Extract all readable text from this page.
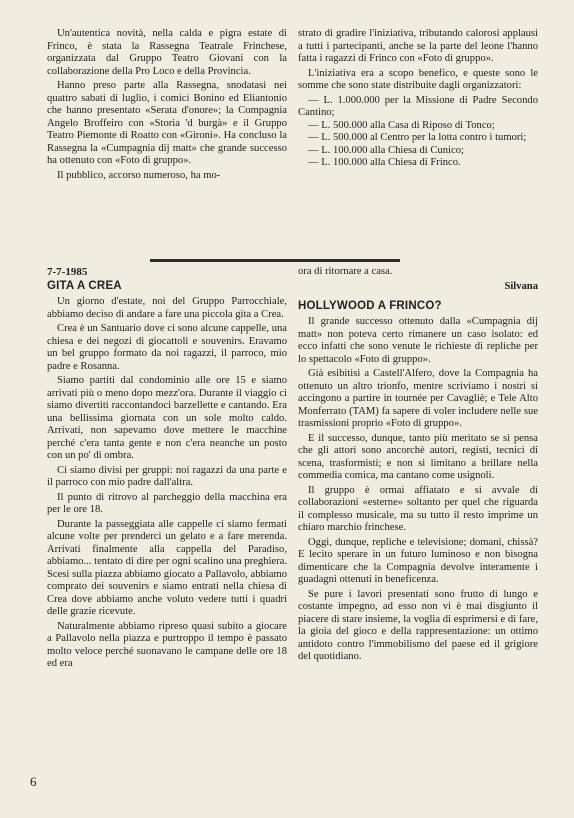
Un'autentica novità, nella calda e pigra estate di Frinco, è stata la Rassegna Teatrale Frinchese, organizzata dal Gruppo Teatro Giovani con la collaborazione della Pro Loco e della Provincia.

Hanno preso parte alla Rassegna, snodatasi nei quattro sabati di luglio, i comici Bonino ed Eliantonio che hanno presentato «Serata d'onore»; la Compagnia Angelo Broffeiro con «Storia 'd burgà» e il Gruppo Teatro Piemonte di Roatto con «Gironi». Ha concluso la Rassegna la «Cumpagnia dij matt» che grande successo ha ottenuto con «Foto di gruppo».

Il pubblico, accorso numeroso, ha mo-

strato di gradire l'iniziativa, tributando calorosi applausi a tutti i partecipanti, anche se la parte del leone l'hanno fatta i ragazzi di Frinco con «Foto di gruppo».

L'iniziativa era a scopo benefico, e queste sono le somme che sono state distribuite dagli organizzatori:

— L. 1.000.000 per la Missione di Padre Secondo Cantino;
— L. 500.000 alla Casa di Riposo di Tonco;
— L. 500.000 al Centro per la lotta contro i tumori;
— L. 100.000 alla Chiesa di Cunico;
— L. 100.000 alla Chiesa di Frinco.
7-7-1985
GITA A CREA

Un giorno d'estate, noi del Gruppo Parrocchiale, abbiamo deciso di andare a fare una piccola gita a Crea.

Crea è un Santuario dove ci sono alcune cappelle, una chiesa e dei negozi di giocattoli e souvenirs. Eravamo un bel gruppo formato da noi ragazzi, il parroco, mio padre e Rosanna.

Siamo partiti dal condominio alle ore 15 e siamo arrivati più o meno dopo mezz'ora. Durante il viaggio ci siamo divertiti raccontandoci barzellette e cantando. Era una bellissima giornata con un sole molto caldo. Arrivati, non sapevamo dove mettere le macchine perché c'era tanta gente e non c'era neanche un posto con un po' di ombra.

Ci siamo divisi per gruppi: noi ragazzi da una parte e il parroco con mio padre dall'altra.

Il punto di ritrovo al parcheggio della macchina era per le ore 18.

Durante la passeggiata alle cappelle ci siamo fermati alcune volte per prenderci un gelato e a fare merenda. Arrivati finalmente alla cappella del Paradiso, abbiamo... tentato di dire per ogni scalino una preghiera. Scesi sulla piazza abbiamo giocato a Pallavolo, abbiamo comprato dei souvenirs e siamo entrati nella chiesa di Crea dove abbiamo anche voluto vedere tutti i quadri delle grazie ricevute.

Naturalmente abbiamo ripreso quasi subito a giocare a Pallavolo nella piazza e purtroppo il tempo è passato molto veloce perché suonavano le campane delle ore 18 ed era

ora di ritornare a casa.

Silvana
HOLLYWOOD A FRINCO?

Il grande successo ottenuto dalla «Cumpagnia dij matt» non poteva certo rimanere un caso isolato: ed ecco infatti che sono venute le richieste di repliche per lo spettacolo «Foto di gruppo».

Già esibitisi a Castell'Alfero, dove la Compagnia ha ottenuto un altro trionfo, mentre scriviamo i nostri si accingono a partire in tournée per Cavagliè; e Tele Alto Monferrato (TAM) fa sapere di voler includere nelle sue trasmissioni proprio «Foto di gruppo».

E il successo, dunque, tanto più meritato se si pensa che gli attori sono ancorchè autori, registi, tecnici di scena, trasformisti; e non si limitano a brillare nella commedia comica, ma cantano come usignoli.

Il gruppo è ormai affiatato e si avvale di collaborazioni «esterne» soltanto per quel che riguarda il complesso musicale, ma su tutto il resto imprime un chiaro marchio frinchese.

Oggi, dunque, repliche e televisione; domani, chissà? E lecito sperare in un futuro luminoso e non bisogna dimenticare che la Compagnia devolve interamente i guadagni ottenuti in beneficenza.

Se pure i lavori presentati sono frutto di lungo e costante impegno, ad esso non vi è mai disgiunto il piacere di stare insieme, la voglia di esprimersi e di fare, la gioia del gioco e della rappresentazione: un ottimo antidoto contro l'immobilismo del paese ed il grigiore del quotidiano.

6
